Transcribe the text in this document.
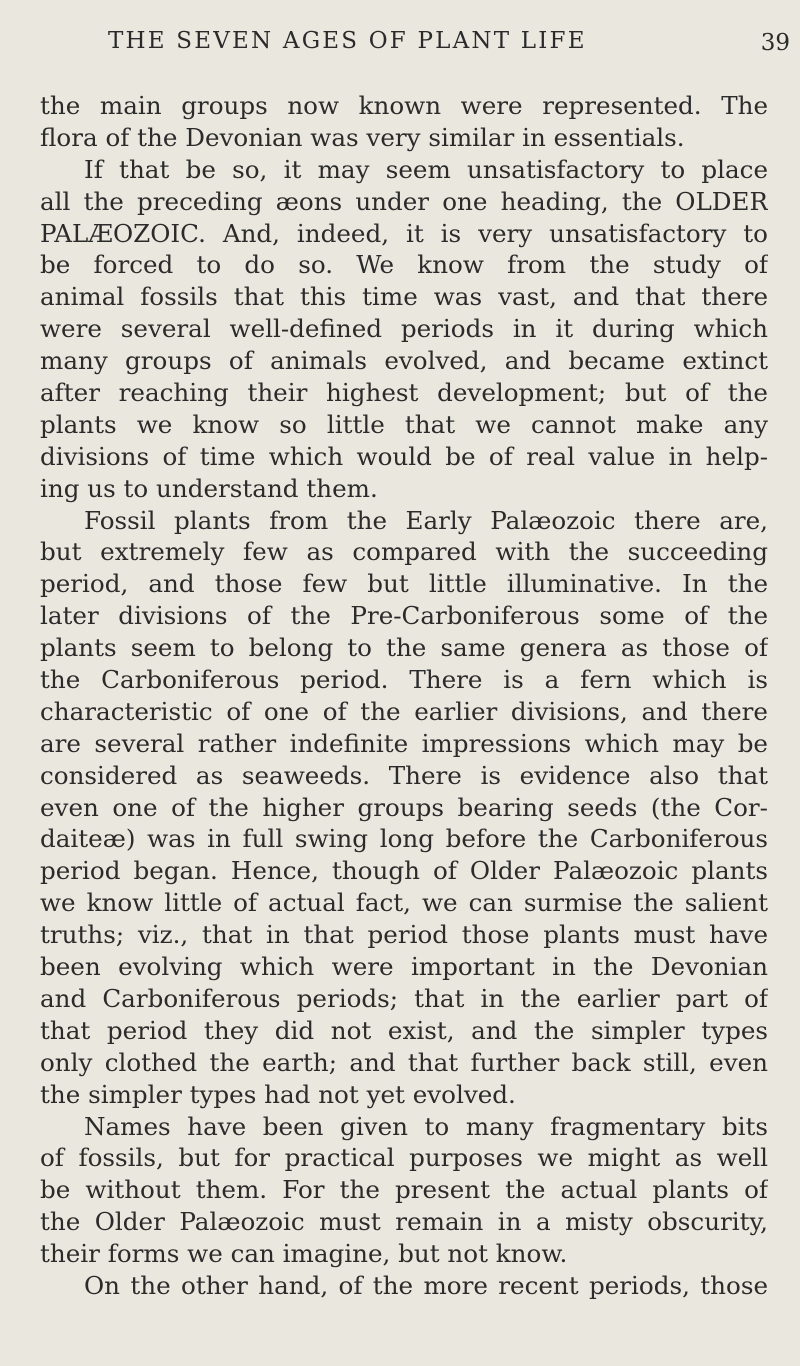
THE SEVEN AGES OF PLANT LIFE	39
the main groups now known were represented. The
flora of the Devonian was very similar in essentials.
If that be so, it may seem unsatisfactory to place
all the preceding æons under one heading, the OLDER
PALÆOZOIC. And, indeed, it is very unsatisfactory to
be forced to do so. We know from the study of
animal fossils that this time was vast, and that there
were several well-defined periods in it during which
many groups of animals evolved, and became extinct
after reaching their highest development; but of the
plants we know so little that we cannot make any
divisions of time which would be of real value in help-
ing us to understand them.
Fossil plants from the Early Palæozoic there are,
but extremely few as compared with the succeeding
period, and those few but little illuminative. In the
later divisions of the Pre-Carboniferous some of the
plants seem to belong to the same genera as those of
the Carboniferous period. There is a fern which is
characteristic of one of the earlier divisions, and there
are several rather indefinite impressions which may be
considered as seaweeds. There is evidence also that
even one of the higher groups bearing seeds (the Cor-
daiteæ) was in full swing long before the Carboniferous
period began. Hence, though of Older Palæozoic plants
we know little of actual fact, we can surmise the salient
truths; viz., that in that period those plants must have
been evolving which were important in the Devonian
and Carboniferous periods; that in the earlier part of
that period they did not exist, and the simpler types
only clothed the earth; and that further back still, even
the simpler types had not yet evolved.
Names have been given to many fragmentary bits
of fossils, but for practical purposes we might as well
be without them. For the present the actual plants of
the Older Palæozoic must remain in a misty obscurity,
their forms we can imagine, but not know.
On the other hand, of the more recent periods, those
